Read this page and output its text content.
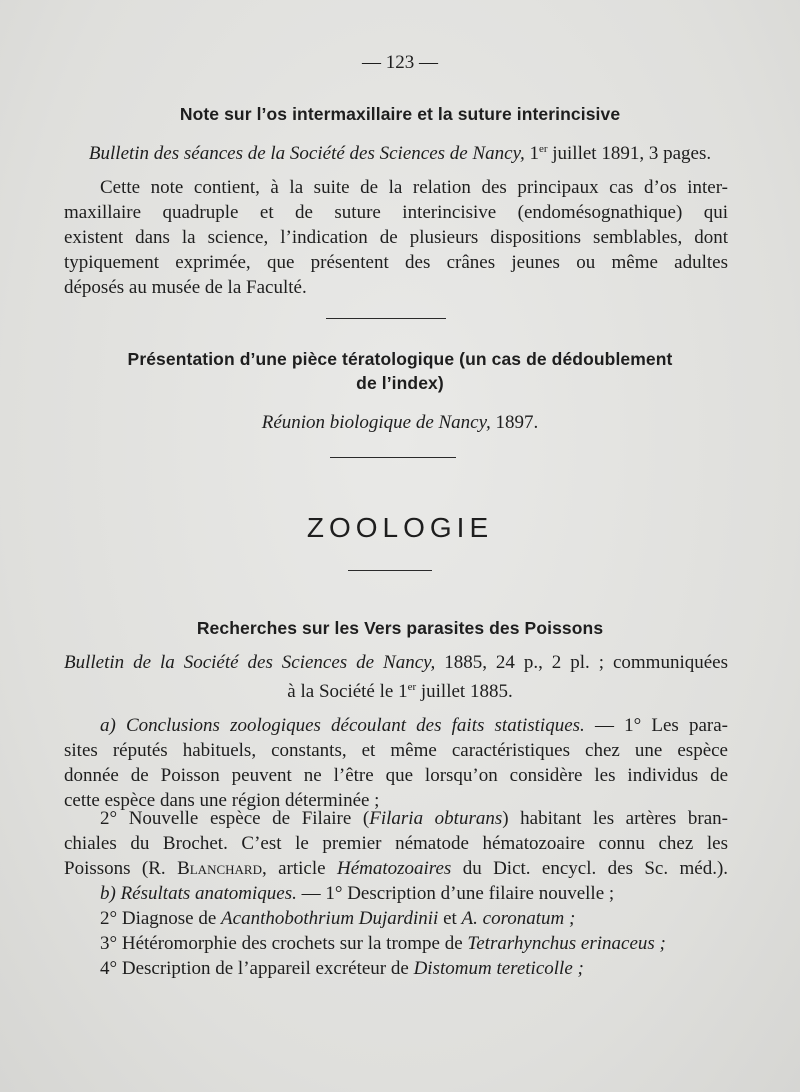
— 123 —
Note sur l’os intermaxillaire et la suture interincisive
Bulletin des séances de la Société des Sciences de Nancy, 1er juillet 1891, 3 pages.
Cette note contient, à la suite de la relation des principaux cas d’os inter-
maxillaire quadruple et de suture interincisive (endomésognathique) qui
existent dans la science, l’indication de plusieurs dispositions semblables, dont
typiquement exprimée, que présentent des crânes jeunes ou même adultes
déposés au musée de la Faculté.
Présentation d’une pièce tératologique (un cas de dédoublement
de l’index)
Réunion biologique de Nancy, 1897.
ZOOLOGIE
Recherches sur les Vers parasites des Poissons
Bulletin de la Société des Sciences de Nancy, 1885, 24 p., 2 pl. ; communiquées
à la Société le 1er juillet 1885.
a) Conclusions zoologiques découlant des faits statistiques. — 1° Les para-
sites réputés habituels, constants, et même caractéristiques chez une espèce
donnée de Poisson peuvent ne l’être que lorsqu’on considère les individus de
cette espèce dans une région déterminée ;
2° Nouvelle espèce de Filaire (Filaria obturans) habitant les artères bran-
chiales du Brochet. C’est le premier nématode hématozoaire connu chez les
Poissons (R. Blanchard, article Hématozoaires du Dict. encycl. des Sc. méd.).
b) Résultats anatomiques. — 1° Description d’une filaire nouvelle ;
2° Diagnose de Acanthobothrium Dujardinii et A. coronatum ;
3° Hétéromorphie des crochets sur la trompe de Tetrarhynchus erinaceus ;
4° Description de l’appareil excréteur de Distomum tereticolle ;
